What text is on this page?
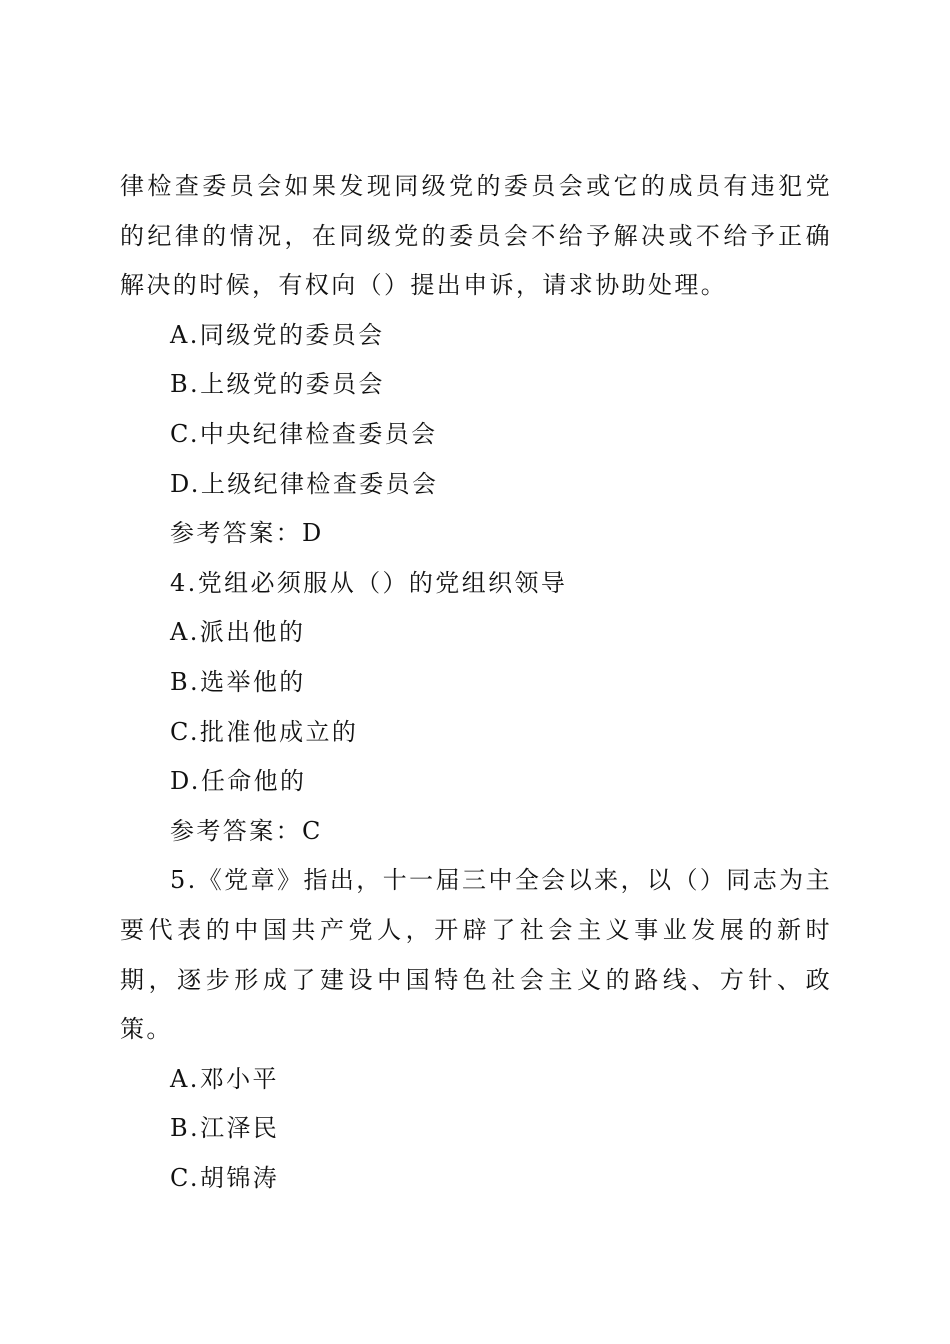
律检查委员会如果发现同级党的委员会或它的成员有违犯党的纪律的情况，在同级党的委员会不给予解决或不给予正确解决的时候，有权向（）提出申诉，请求协助处理。

A.同级党的委员会

B.上级党的委员会

C.中央纪律检查委员会

D.上级纪律检查委员会

参考答案：D

4.党组必须服从（）的党组织领导

A.派出他的

B.选举他的

C.批准他成立的

D.任命他的

参考答案：C

5.《党章》指出，十一届三中全会以来，以（）同志为主要代表的中国共产党人，开辟了社会主义事业发展的新时期，逐步形成了建设中国特色社会主义的路线、方针、政策。

A.邓小平

B.江泽民

C.胡锦涛
